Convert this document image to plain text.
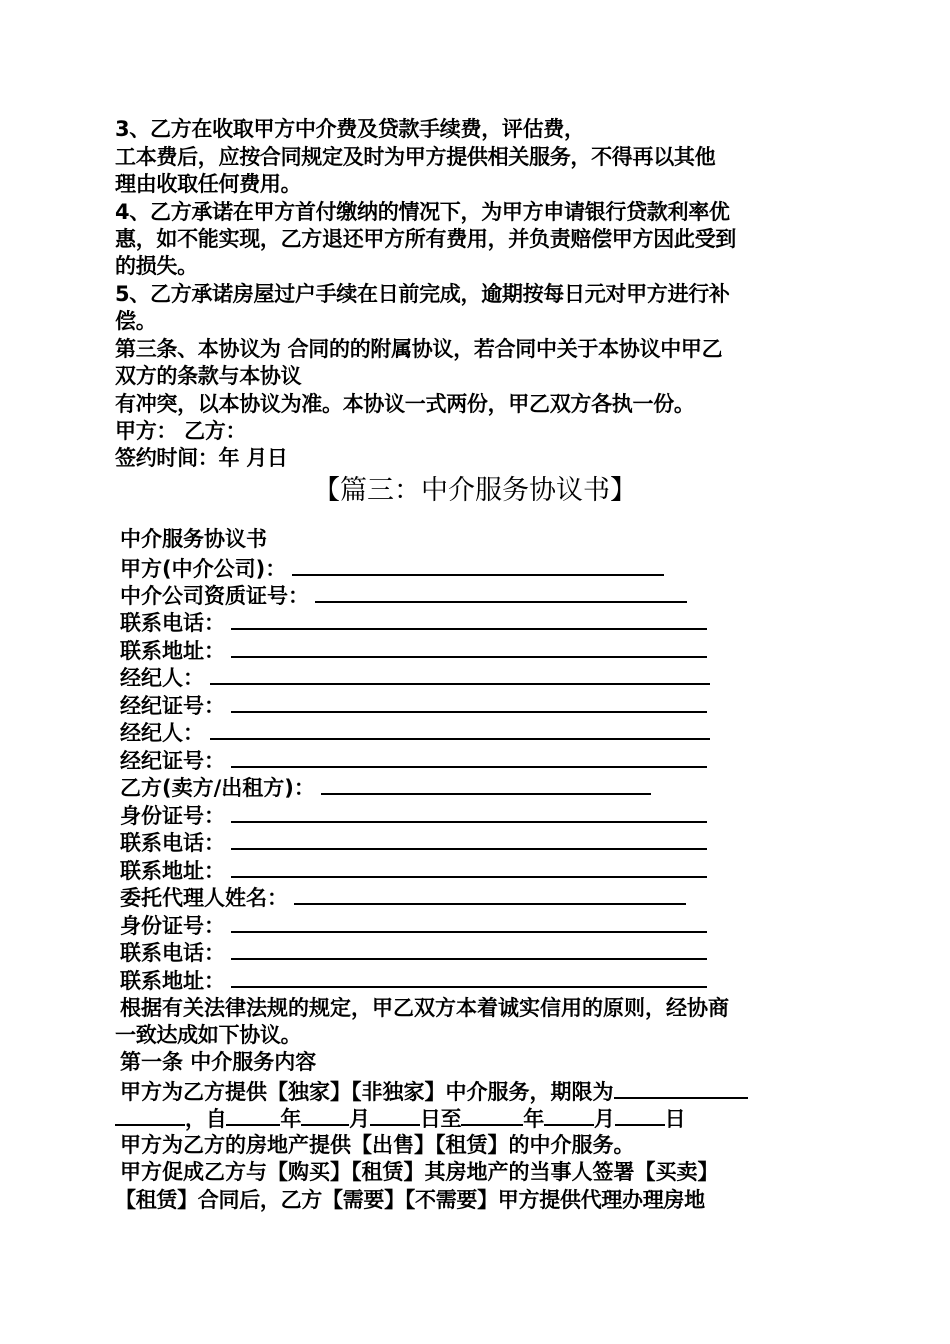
3、乙方在收取甲方中介费及贷款手续费，评估费，
工本费后，应按合同规定及时为甲方提供相关服务，不得再以其他
理由收取任何费用。
4、乙方承诺在甲方首付缴纳的情况下，为甲方申请银行贷款利率优
惠，如不能实现，乙方退还甲方所有费用，并负责赔偿甲方因此受到
的损失。
5、乙方承诺房屋过户手续在日前完成，逾期按每日元对甲方进行补
偿。
第三条、本协议为 合同的的附属协议，若合同中关于本协议中甲乙
双方的条款与本协议
有冲突，以本协议为准。本协议一式两份，甲乙双方各执一份。
甲方： 乙方：
签约时间：年 月日
【篇三：中介服务协议书】
中介服务协议书
甲方(中介公司)：
中介公司资质证号：
联系电话：
联系地址：
经纪人：
经纪证号：
经纪人：
经纪证号：
乙方(卖方/出租方)：
身份证号：
联系电话：
联系地址：
委托代理人姓名：
身份证号：
联系电话：
联系地址：
根据有关法律法规的规定，甲乙双方本着诚实信用的原则，经协商
一致达成如下协议。
第一条 中介服务内容
甲方为乙方提供【独家】【非独家】中介服务，期限为
，自	年 月 日至	年 月 日
甲方为乙方的房地产提供【出售】【租赁】的中介服务。
甲方促成乙方与【购买】【租赁】其房地产的当事人签署【买卖】
【租赁】合同后，乙方【需要】【不需要】甲方提供代理办理房地
